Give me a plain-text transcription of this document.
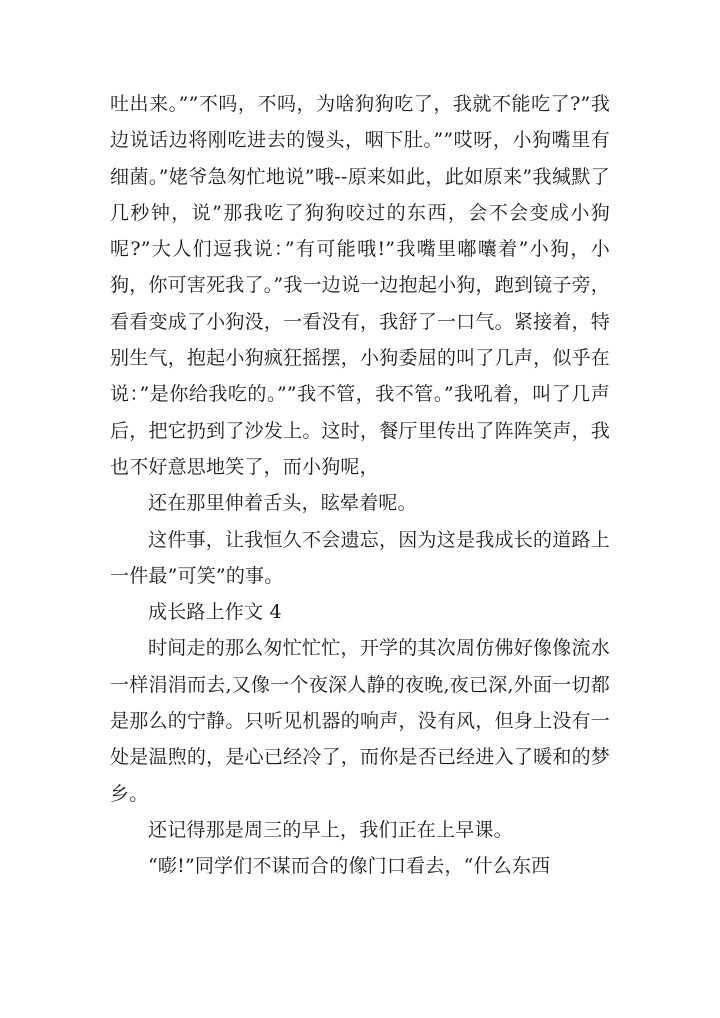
吐出来。””不吗，不吗，为啥狗狗吃了，我就不能吃了?”我边说话边将刚吃进去的馒头，咽下肚。””哎呀，小狗嘴里有细菌。”姥爷急匆忙地说”哦--原来如此，此如原来”我缄默了几秒钟，说”那我吃了狗狗咬过的东西，会不会变成小狗呢?”大人们逗我说：”有可能哦!”我嘴里嘟囔着”小狗，小狗，你可害死我了。”我一边说一边抱起小狗，跑到镜子旁，看看变成了小狗没，一看没有，我舒了一口气。紧接着，特别生气，抱起小狗疯狂摇摆，小狗委屈的叫了几声，似乎在说：”是你给我吃的。””我不管，我不管。”我吼着，叫了几声后，把它扔到了沙发上。这时，餐厅里传出了阵阵笑声，我也不好意思地笑了，而小狗呢，

还在那里伸着舌头，眩晕着呢。

这件事，让我恒久不会遗忘，因为这是我成长的道路上一件最”可笑”的事。

成长路上作文 4

时间走的那么匆忙忙忙，开学的其次周仿佛好像像流水一样涓涓而去,又像一个夜深人静的夜晚,夜已深,外面一切都是那么的宁静。只听见机器的响声，没有风，但身上没有一处是温煦的，是心已经冷了，而你是否已经进入了暖和的梦乡。

还记得那是周三的早上，我们正在上早课。

“嘭!”同学们不谋而合的像门口看去，“什么东西
